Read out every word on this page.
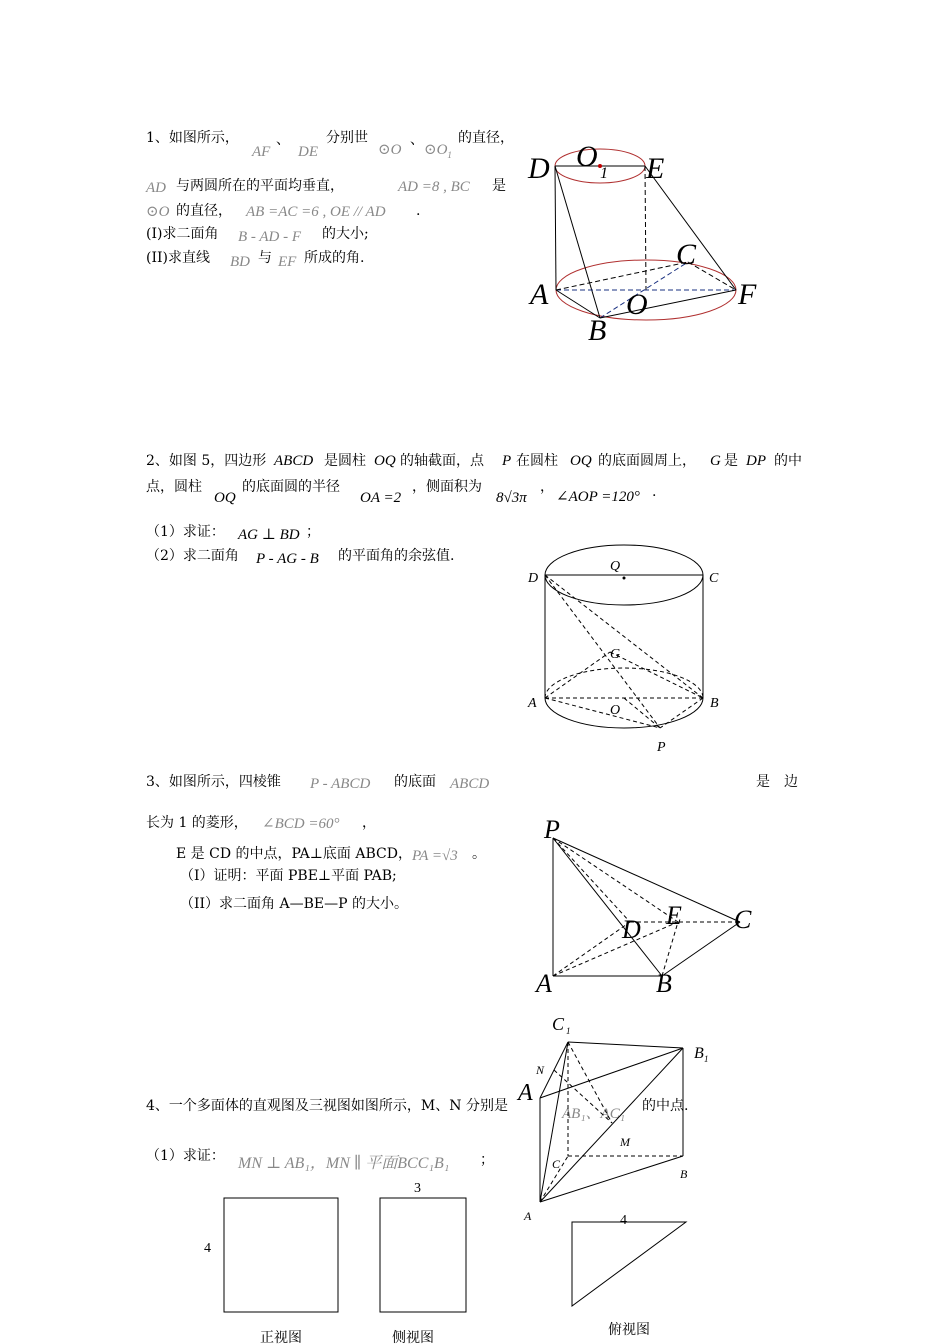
1、如图所示，
AF
、
DE
分别世
⊙O
、
$⊙O_1$
的直径，
AD 与两圆所在的平面均垂直，	AD =8 , BC 是
⊙O 的直径， AB =AC =6 , OE // AD .
(I)求二面角 B - AD - F 的大小;
(II)求直线 BD 与 EF 所成的角.
2、如图 5，四边形 ABCD 是圆柱 OQ 的轴截面，点 P 在圆柱 OQ 的底面圆周上， G 是 DP 的中
点，圆柱
OQ
的底面圆的半径
OA =2
，侧面积为
8√3π
，
∠AOP =120° .
（1）求证： AG ⊥ BD ；
（2）求二面角 P - AG - B 的平面角的余弦值.
3、如图所示，四棱锥 P - ABCD 的底面 ABCD	是　边
长为 1 的菱形， ∠BCD =60° ，
E 是 CD 的中点，PA⊥底面 ABCD， PA =√3 。
（I）证明：平面 PBE⊥平面 PAB;
（II）求二面角 A—BE—P 的大小。
4、一个多面体的直观图及三视图如图所示，M、N 分别是	AB₁、AC₁ 的中点.
（1）求证： MN ⊥ AB₁，MN ∥ 平面BCC₁B₁ ；
D O
1 E
C
A	O	F
B
D
Q
C
G
A	B
O
P
P
D E C
A	B
C 1
B 1
N
A
M
C
B
A
3
4
4
正视图	侧视图
俯视图
